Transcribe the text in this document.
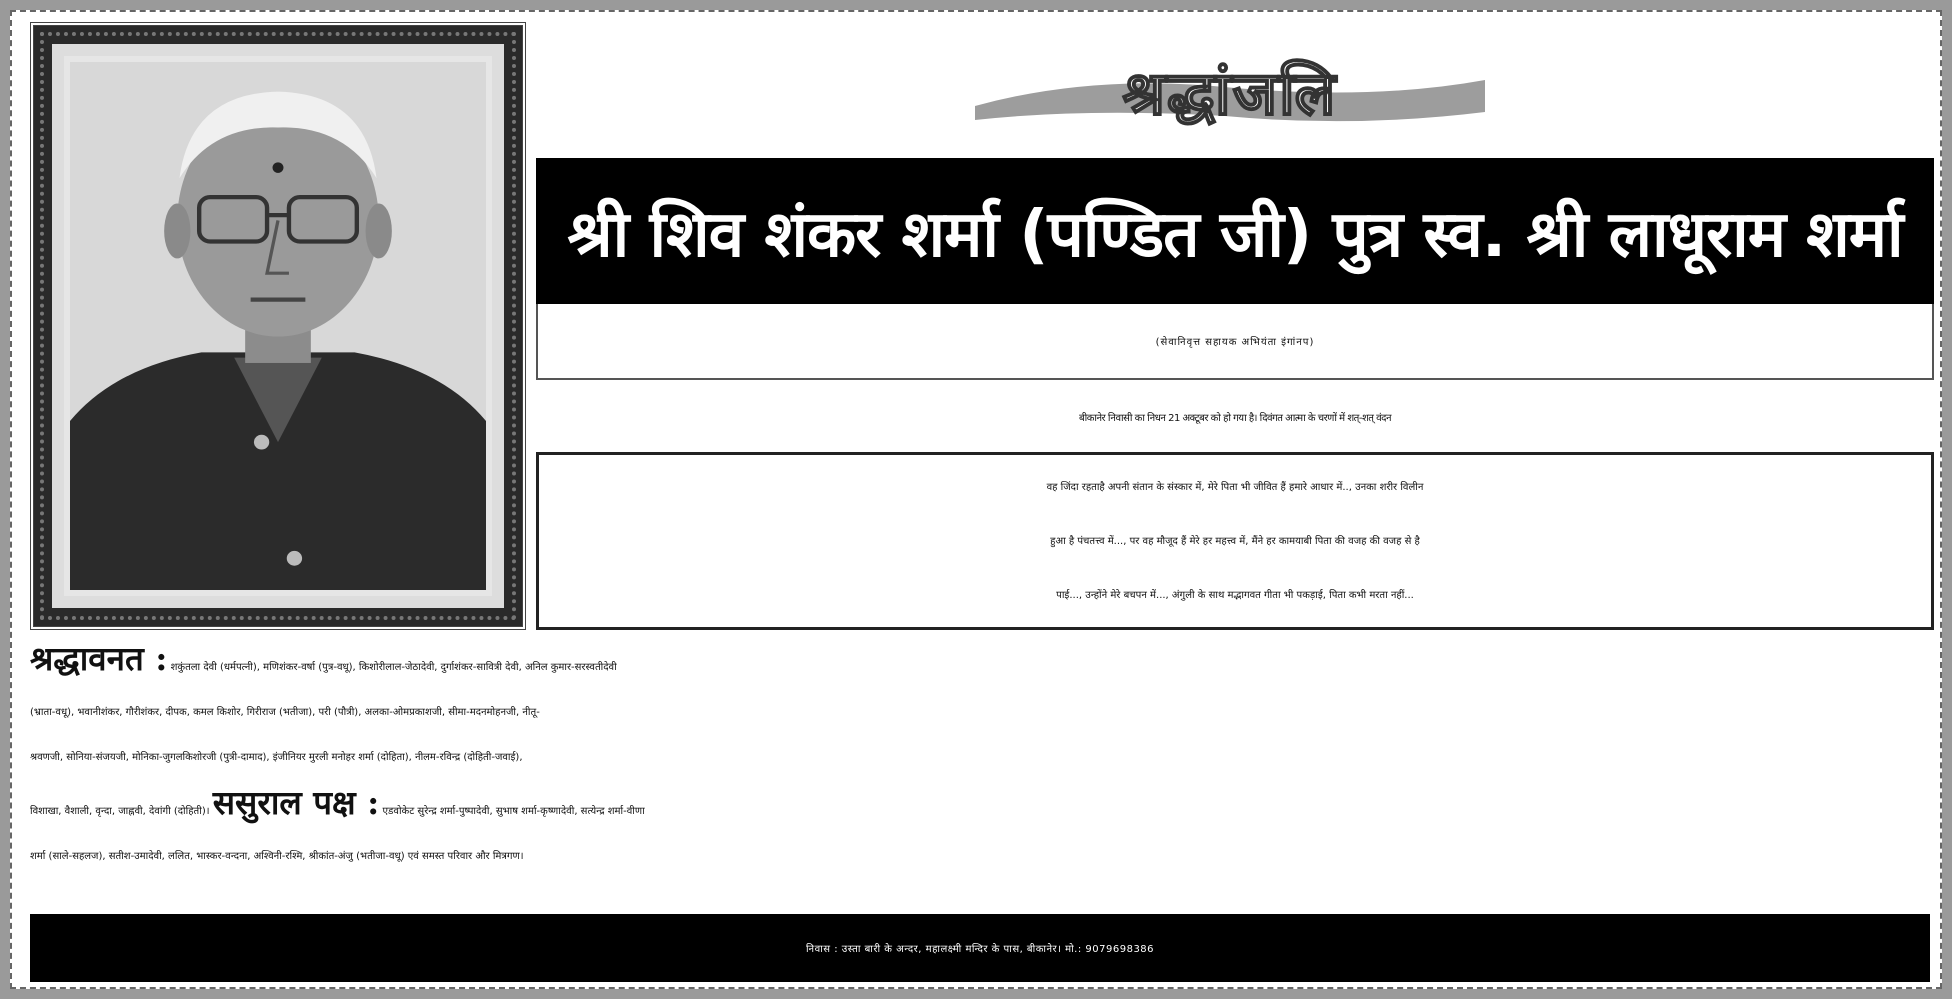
श्रद्धांजलि
श्री शिव शंकर शर्मा (पण्डित जी) पुत्र स्व. श्री लाधूराम शर्मा
(सेवानिवृत्त सहायक अभियंता इंगांनप)
बीकानेर निवासी का निधन 21 अक्टूबर को हो गया है। दिवंगत आत्मा के चरणों में शत्-शत् वंदन
वह जिंदा रहताहै अपनी संतान के संस्कार में, मेरे पिता भी जीवित हैं हमारे आधार में.., उनका शरीर विलीन
हुआ है पंचतत्त्व में..., पर वह मौजूद हैं मेरे हर महत्त्व में, मैंने हर कामयाबी पिता की वजह की वजह से है
पाई..., उन्होंने मेरे बचपन में..., अंगुली के साथ मद्भागवत गीता भी पकड़ाई, पिता कभी मरता नहीं...
श्रद्धावनत : शकुंतला देवी (धर्मपत्नी), मणिशंकर-वर्षा (पुत्र-वधू), किशोरीलाल-जेठादेवी, दुर्गाशंकर-सावित्री देवी, अनिल कुमार-सरस्वतीदेवी
(भ्राता-वधू), भवानीशंकर, गौरीशंकर, दीपक, कमल किशोर, गिरीराज (भतीजा), परी (पौत्री), अलका-ओमप्रकाशजी, सीमा-मदनमोहनजी, नीतू-
श्रवणजी, सोनिया-संजयजी, मोनिका-जुगलकिशोरजी (पुत्री-दामाद), इंजीनियर मुरली मनोहर शर्मा (दोहिता), नीलम-रविन्द्र (दोहिती-जवाई),
विशाखा, वैशाली, वृन्दा, जाह्नवी, देवांगी (दोहिती)। ससुराल पक्ष : एडवोकेट सुरेन्द्र शर्मा-पुष्पादेवी, सुभाष शर्मा-कृष्णादेवी, सत्येन्द्र शर्मा-वीणा
शर्मा (साले-सहलज), सतीश-उमादेवी, ललित, भास्कर-वन्दना, अश्विनी-रश्मि, श्रीकांत-अंजु (भतीजा-वधू) एवं समस्त परिवार और मित्रगण।
निवास : उस्ता बारी के अन्दर, महालक्ष्मी मन्दिर के पास, बीकानेर। मो.: 9079698386
